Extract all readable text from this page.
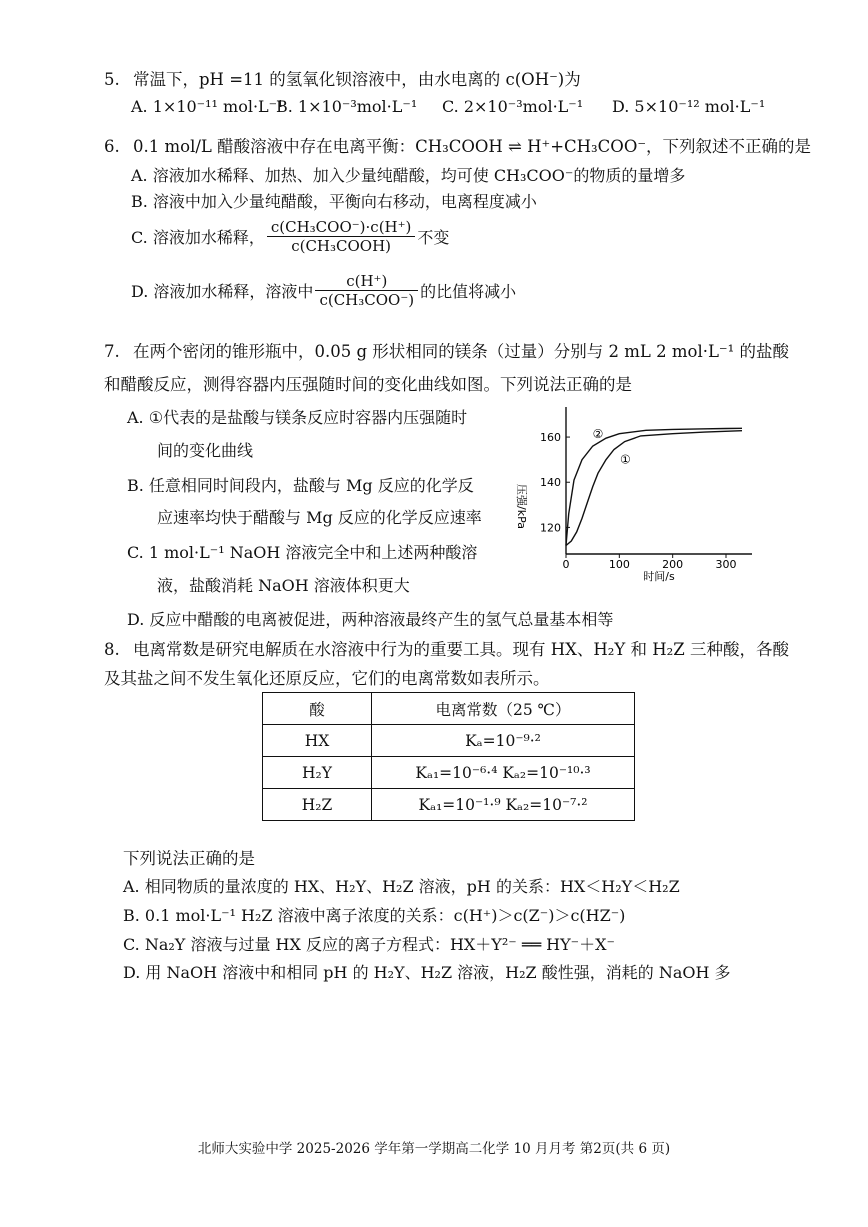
5. 常温下，pH =11 的氢氧化钡溶液中，由水电离的 c(OH⁻)为
A. 1×10⁻¹¹ mol·L⁻¹
B. 1×10⁻³mol·L⁻¹ C. 2×10⁻³mol·L⁻¹ D. 5×10⁻¹² mol·L⁻¹
6. 0.1 mol/L 醋酸溶液中存在电离平衡：CH₃COOH ⇌ H⁺+CH₃COO⁻，下列叙述不正确的是
A. 溶液加水稀释、加热、加入少量纯醋酸，均可使 CH₃COO⁻的物质的量增多
B. 溶液中加入少量纯醋酸，平衡向右移动，电离程度减小
C. 溶液加水稀释， $\frac{\text{c(CH₃COO⁻)·c(H⁺)}}{\text{c(CH₃COOH)}}$ 不变
D. 溶液加水稀释，溶液中 $\frac{c(H^+)}{\text{c(CH₃COO⁻)}}$ 的比值将减小
7. 在两个密闭的锥形瓶中，0.05 g 形状相同的镁条（过量）分别与 2 mL 2 mol·L⁻¹ 的盐酸
和醋酸反应，测得容器内压强随时间的变化曲线如图。下列说法正确的是
A. ①代表的是盐酸与镁条反应时容器内压强随时
间的变化曲线
B. 任意相同时间段内，盐酸与 Mg 反应的化学反
应速率均快于醋酸与 Mg 反应的化学反应速率
C. 1 mol·L⁻¹ NaOH 溶液完全中和上述两种酸溶
液，盐酸消耗 NaOH 溶液体积更大
D. 反应中醋酸的电离被促进，两种溶液最终产生的氢气总量基本相等
120
140
160
0	100	200	300
②
①
压强/kPa
时间/s
8. 电离常数是研究电解质在水溶液中行为的重要工具。现有 HX、H₂Y 和 H₂Z 三种酸，各酸
及其盐之间不发生氧化还原反应，它们的电离常数如表所示。
酸	电离常数（25 ℃）
HX	Kₐ=10⁻⁹·²
H₂Y	Kₐ₁=10⁻⁶·⁴ Kₐ₂=10⁻¹⁰·³
H₂Z	Kₐ₁=10⁻¹·⁹ Kₐ₂=10⁻⁷·²
下列说法正确的是
A. 相同物质的量浓度的 HX、H₂Y、H₂Z 溶液，pH 的关系：HX＜H₂Y＜H₂Z
B. 0.1 mol·L⁻¹ H₂Z 溶液中离子浓度的关系：c(H⁺)＞c(Z⁻)＞c(HZ⁻)
C. Na₂Y 溶液与过量 HX 反应的离子方程式：HX＋Y²⁻ ══ HY⁻＋X⁻
D. 用 NaOH 溶液中和相同 pH 的 H₂Y、H₂Z 溶液，H₂Z 酸性强，消耗的 NaOH 多
北师大实验中学 2025-2026 学年第一学期高二化学 10 月月考 第2页(共 6 页)
